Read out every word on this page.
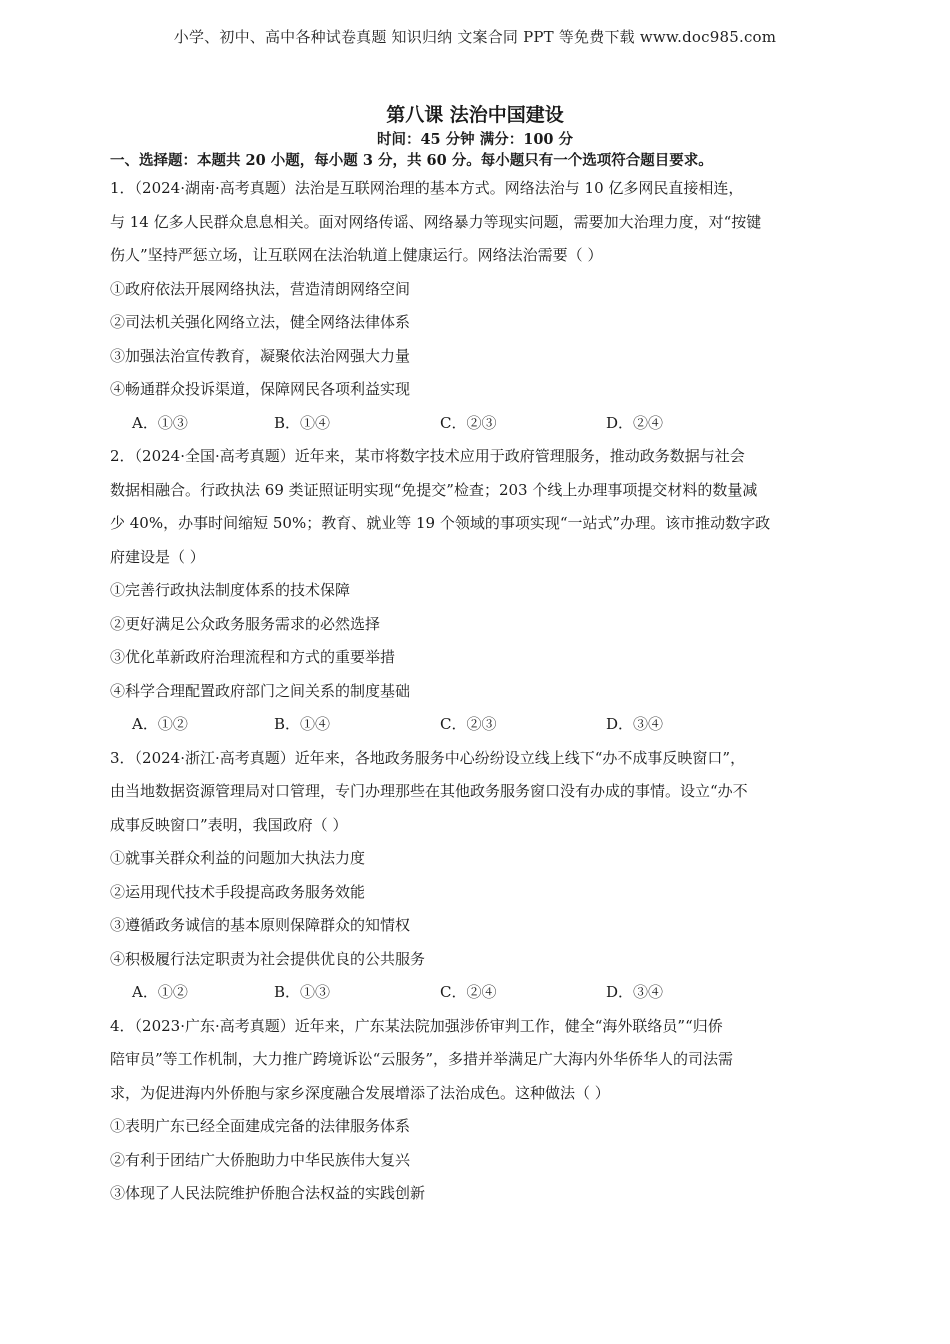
小学、初中、高中各种试卷真题 知识归纳 文案合同 PPT 等免费下载 www.doc985.com
第八课 法治中国建设
时间：45 分钟 满分：100 分
一、选择题：本题共 20 小题，每小题 3 分，共 60 分。每小题只有一个选项符合题目要求。
1．（2024·湖南·高考真题）法治是互联网治理的基本方式。网络法治与 10 亿多网民直接相连，
与 14 亿多人民群众息息相关。面对网络传谣、网络暴力等现实问题，需要加大治理力度，对“按键
伤人”坚持严惩立场，让互联网在法治轨道上健康运行。网络法治需要（ ）
①政府依法开展网络执法，营造清朗网络空间
②司法机关强化网络立法，健全网络法律体系
③加强法治宣传教育，凝聚依法治网强大力量
④畅通群众投诉渠道，保障网民各项利益实现
A．①③	B．①④	C．②③	D．②④
2．（2024·全国·高考真题）近年来，某市将数字技术应用于政府管理服务，推动政务数据与社会
数据相融合。行政执法 69 类证照证明实现“免提交”检查；203 个线上办理事项提交材料的数量减
少 40%，办事时间缩短 50%；教育、就业等 19 个领域的事项实现“一站式”办理。该市推动数字政
府建设是（ ）
①完善行政执法制度体系的技术保障
②更好满足公众政务服务需求的必然选择
③优化革新政府治理流程和方式的重要举措
④科学合理配置政府部门之间关系的制度基础
A．①②	B．①④	C．②③	D．③④
3．（2024·浙江·高考真题）近年来，各地政务服务中心纷纷设立线上线下“办不成事反映窗口”，
由当地数据资源管理局对口管理，专门办理那些在其他政务服务窗口没有办成的事情。设立“办不
成事反映窗口”表明，我国政府（ ）
①就事关群众利益的问题加大执法力度
②运用现代技术手段提高政务服务效能
③遵循政务诚信的基本原则保障群众的知情权
④积极履行法定职责为社会提供优良的公共服务
A．①②	B．①③	C．②④	D．③④
4．（2023·广东·高考真题）近年来，广东某法院加强涉侨审判工作，健全“海外联络员”“归侨
陪审员”等工作机制，大力推广跨境诉讼“云服务”，多措并举满足广大海内外华侨华人的司法需
求，为促进海内外侨胞与家乡深度融合发展增添了法治成色。这种做法（ ）
①表明广东已经全面建成完备的法律服务体系
②有利于团结广大侨胞助力中华民族伟大复兴
③体现了人民法院维护侨胞合法权益的实践创新
